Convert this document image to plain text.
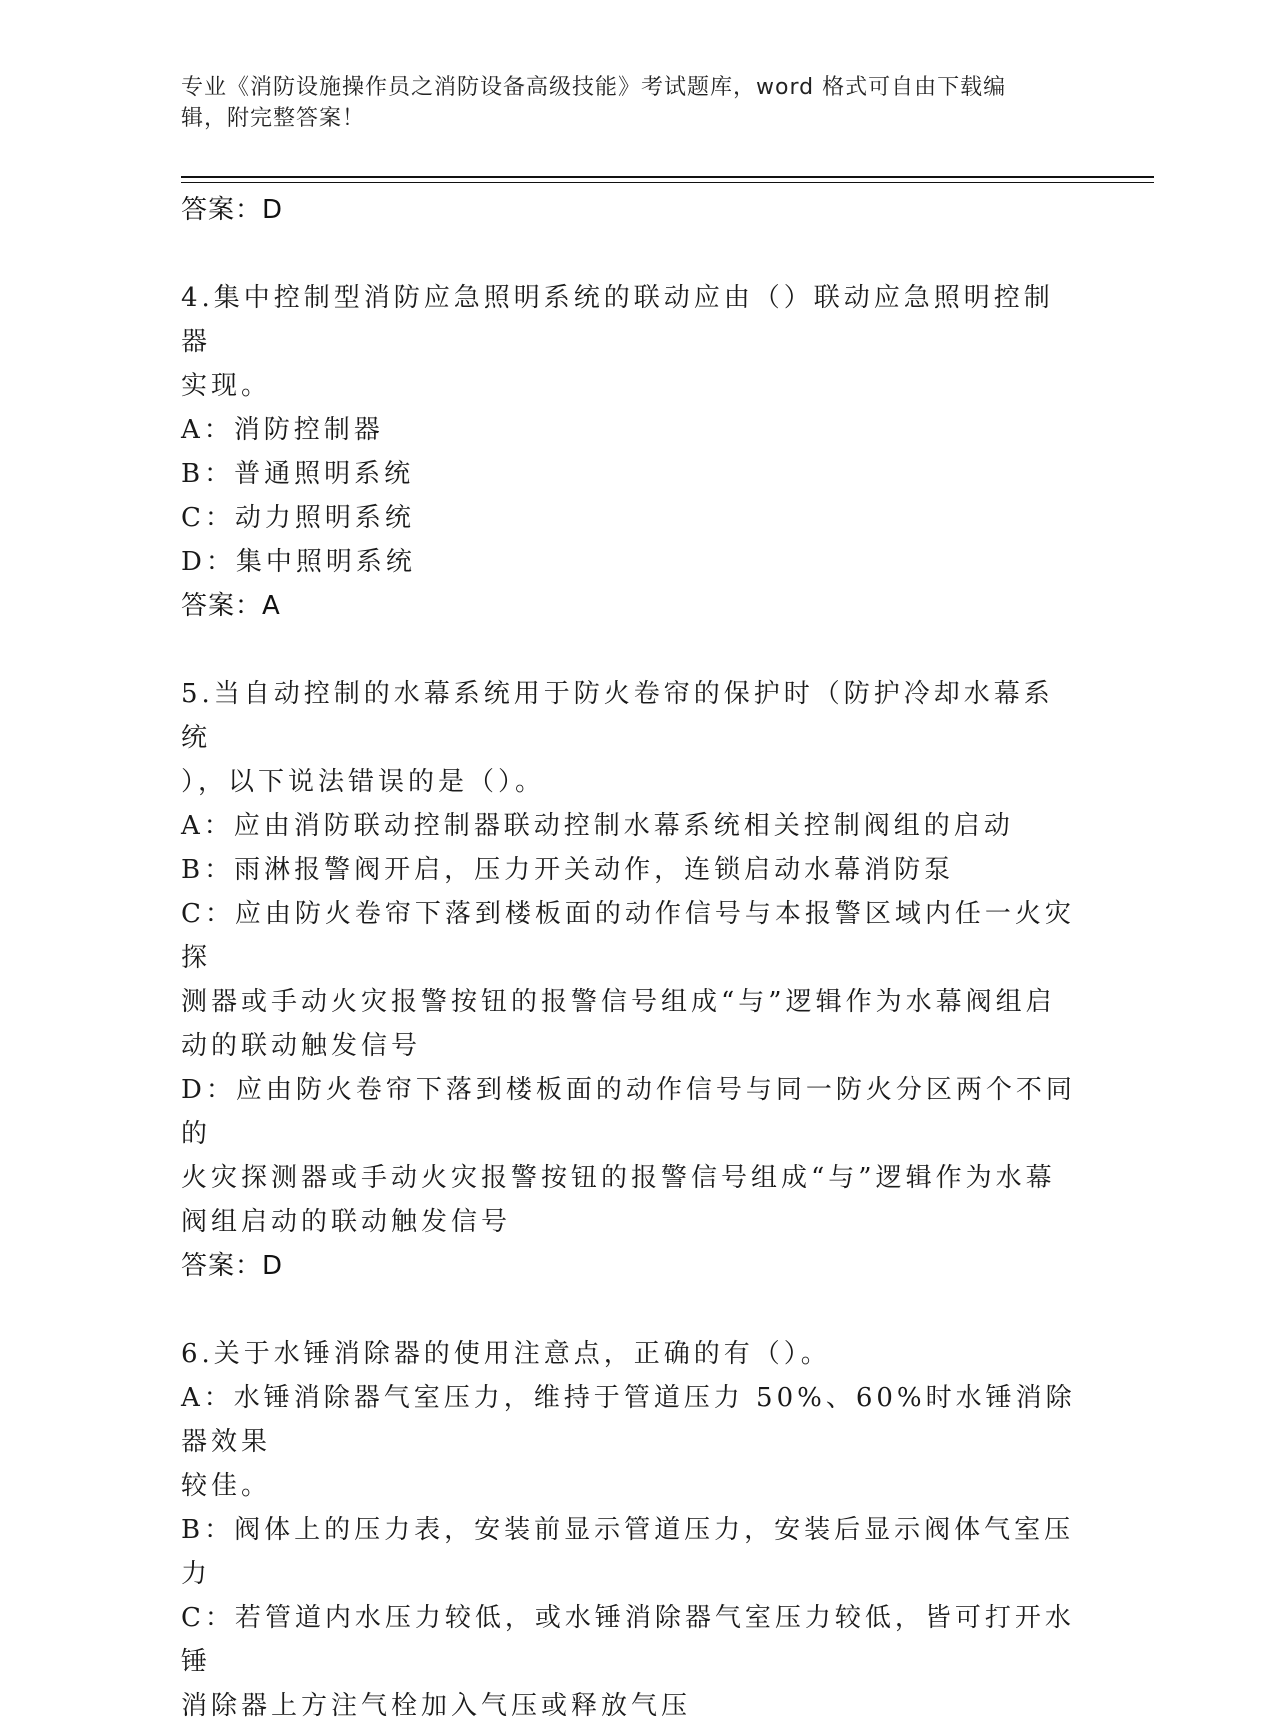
专业《消防设施操作员之消防设备高级技能》考试题库，word 格式可自由下载编
辑，附完整答案！
答案：D
4.集中控制型消防应急照明系统的联动应由（）联动应急照明控制器
实现。
A：消防控制器
B：普通照明系统
C：动力照明系统
D：集中照明系统
答案：A
5.当自动控制的水幕系统用于防火卷帘的保护时（防护冷却水幕系统
），以下说法错误的是（）。
A：应由消防联动控制器联动控制水幕系统相关控制阀组的启动
B：雨淋报警阀开启，压力开关动作，连锁启动水幕消防泵
C：应由防火卷帘下落到楼板面的动作信号与本报警区域内任一火灾探
测器或手动火灾报警按钮的报警信号组成“与”逻辑作为水幕阀组启
动的联动触发信号
D：应由防火卷帘下落到楼板面的动作信号与同一防火分区两个不同的
火灾探测器或手动火灾报警按钮的报警信号组成“与”逻辑作为水幕
阀组启动的联动触发信号
答案：D
6.关于水锤消除器的使用注意点，正确的有（）。
A：水锤消除器气室压力，维持于管道压力 50%、60%时水锤消除器效果
较佳。
B：阀体上的压力表，安装前显示管道压力，安装后显示阀体气室压力
C：若管道内水压力较低，或水锤消除器气室压力较低，皆可打开水锤
消除器上方注气栓加入气压或释放气压
